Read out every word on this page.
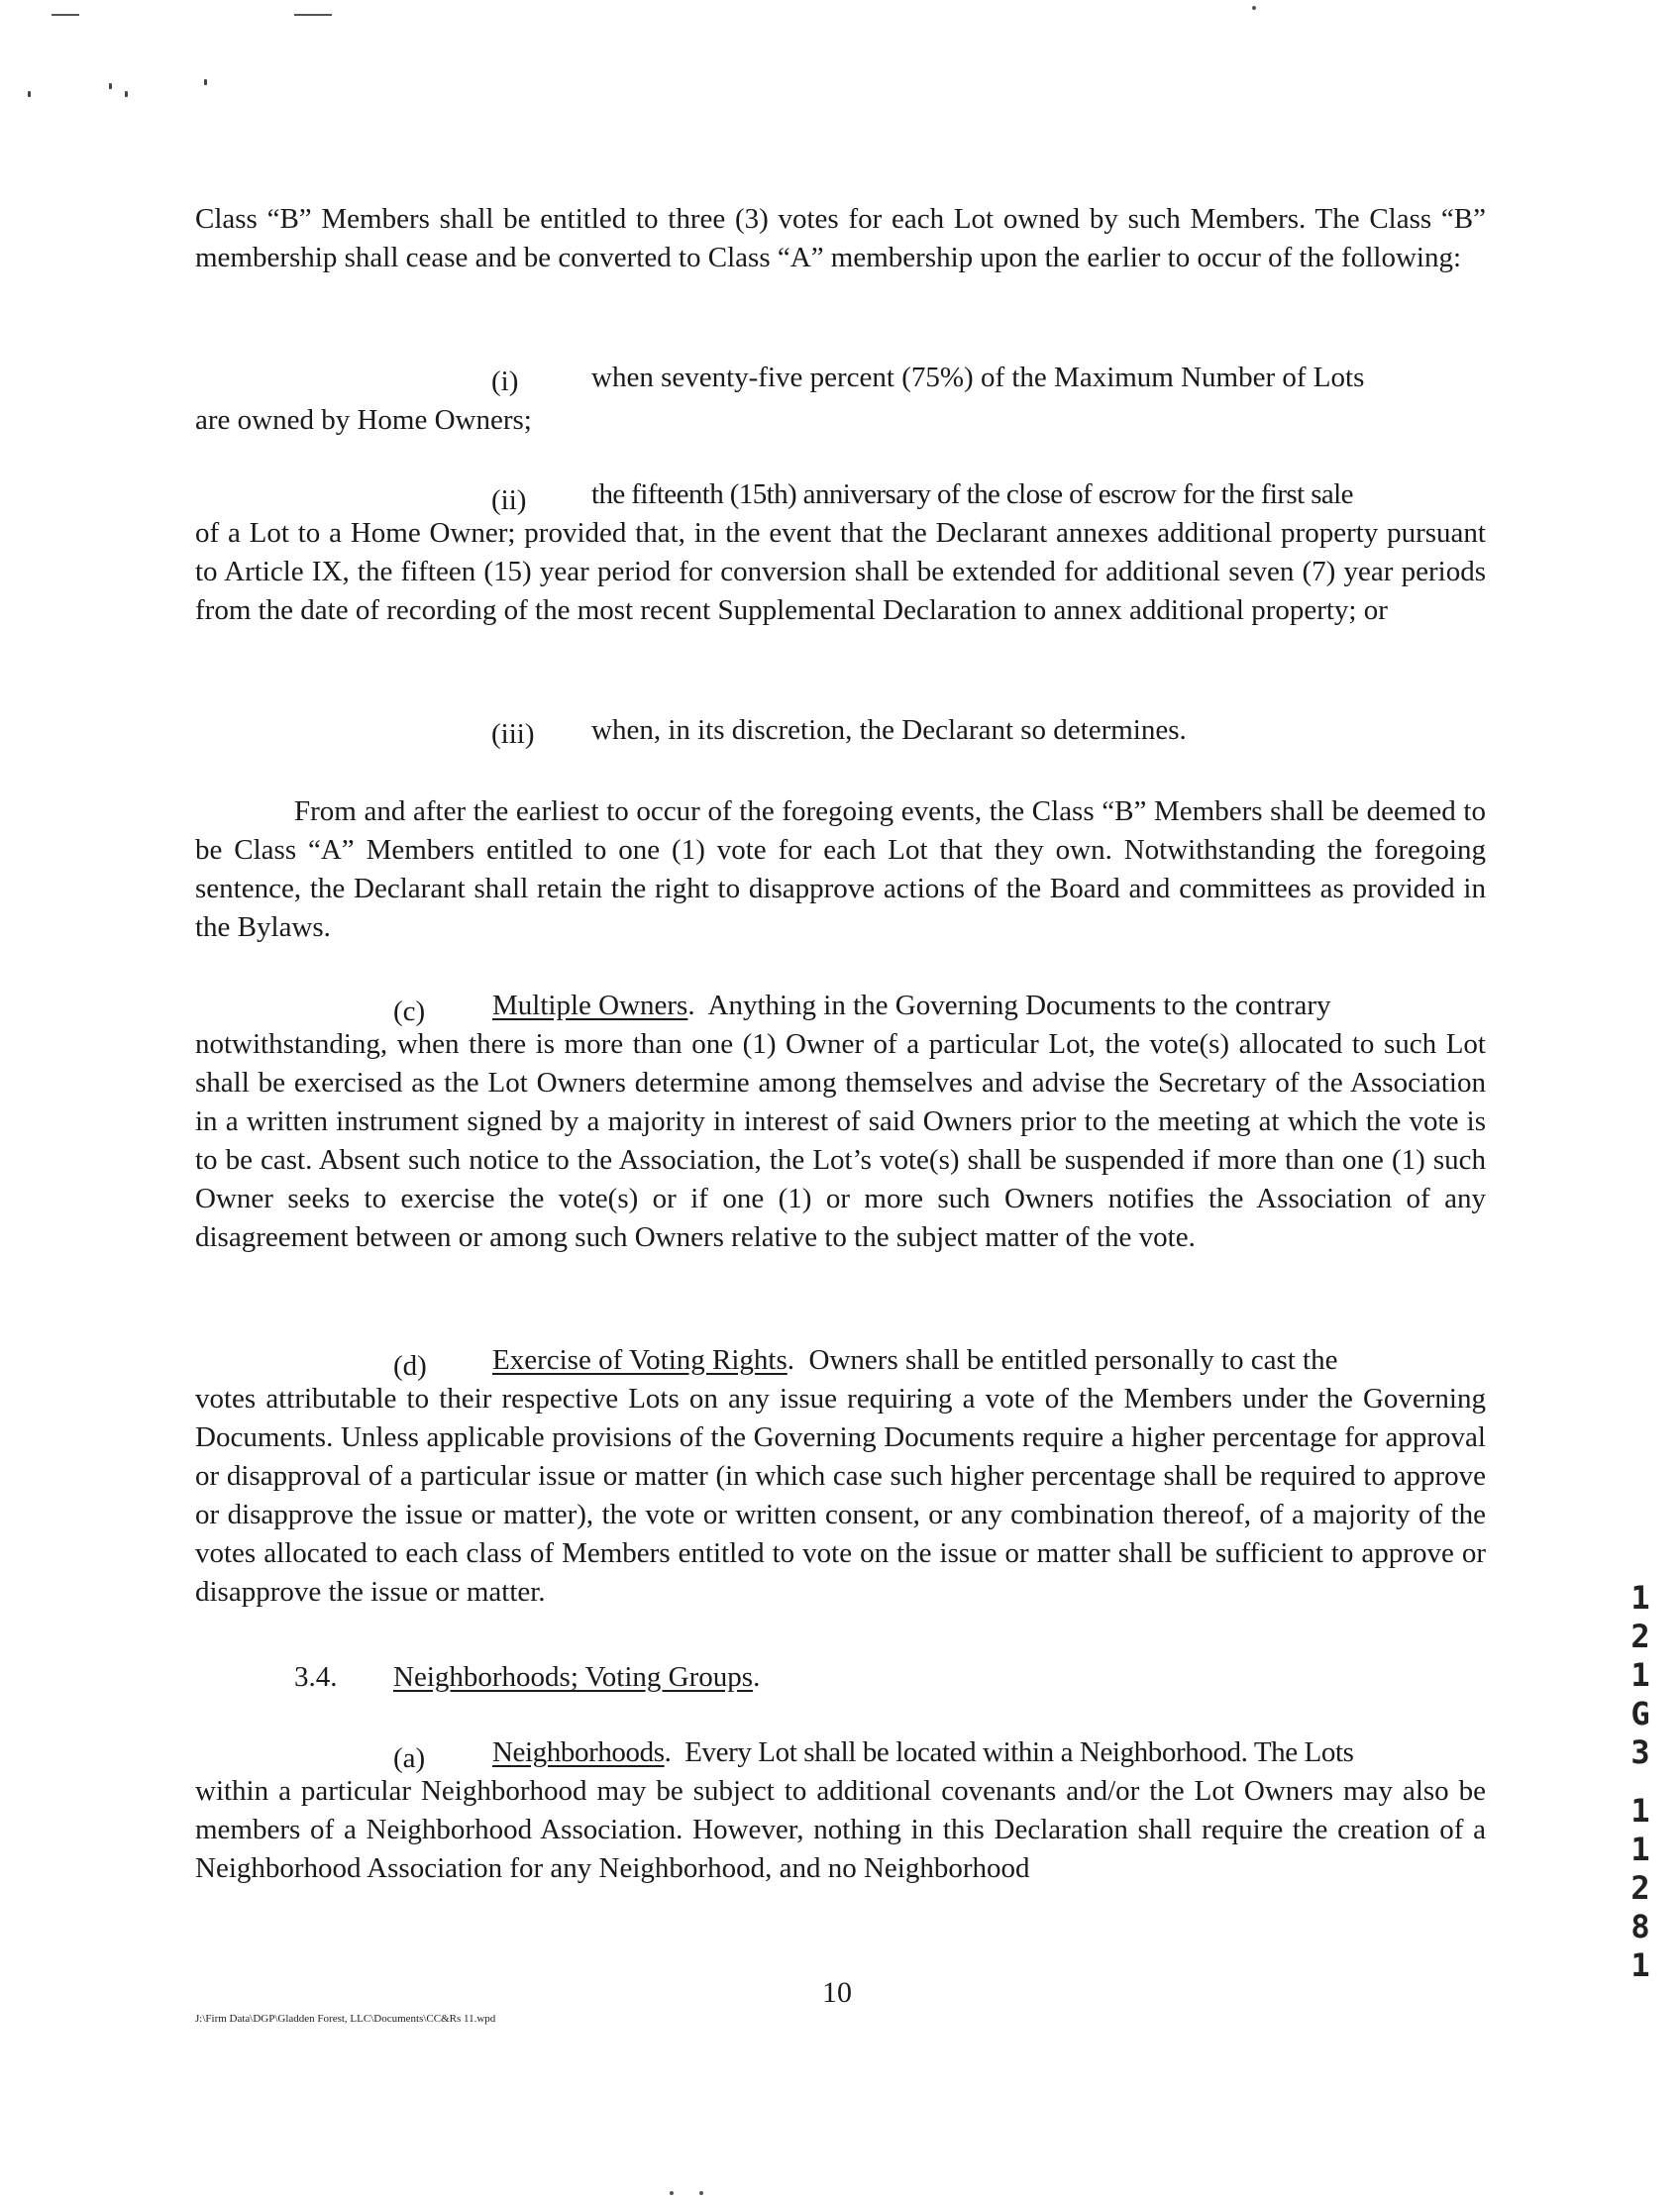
Class “B” Members shall be entitled to three (3) votes for each Lot owned by such Members. The Class “B” membership shall cease and be converted to Class “A” membership upon the earlier to occur of the following:
(i)	when seventy-five percent (75%) of the Maximum Number of Lots
are owned by Home Owners;
(ii) the fifteenth (15th) anniversary of the close of escrow for the first sale
of a Lot to a Home Owner; provided that, in the event that the Declarant annexes additional property pursuant to Article IX, the fifteen (15) year period for conversion shall be extended for additional seven (7) year periods from the date of recording of the most recent Supplemental Declaration to annex additional property; or
(iii) when, in its discretion, the Declarant so determines.
From and after the earliest to occur of the foregoing events, the Class “B” Members shall be deemed to be Class “A” Members entitled to one (1) vote for each Lot that they own. Notwithstanding the foregoing sentence, the Declarant shall retain the right to disapprove actions of the Board and committees as provided in the Bylaws.
(c) Multiple Owners.  Anything in the Governing Documents to the contrary
notwithstanding, when there is more than one (1) Owner of a particular Lot, the vote(s) allocated to such Lot shall be exercised as the Lot Owners determine among themselves and advise the Secretary of the Association in a written instrument signed by a majority in interest of said Owners prior to the meeting at which the vote is to be cast. Absent such notice to the Association, the Lot’s vote(s) shall be suspended if more than one (1) such Owner seeks to exercise the vote(s) or if one (1) or more such Owners notifies the Association of any disagreement between or among such Owners relative to the subject matter of the vote.
(d) Exercise of Voting Rights.  Owners shall be entitled personally to cast the
votes attributable to their respective Lots on any issue requiring a vote of the Members under the Governing Documents. Unless applicable provisions of the Governing Documents require a higher percentage for approval or disapproval of a particular issue or matter (in which case such higher percentage shall be required to approve or disapprove the issue or matter), the vote or written consent, or any combination thereof, of a majority of the votes allocated to each class of Members entitled to vote on the issue or matter shall be sufficient to approve or disapprove the issue or matter.
3.4. Neighborhoods; Voting Groups.
(a) Neighborhoods.  Every Lot shall be located within a Neighborhood. The Lots
within a particular Neighborhood may be subject to additional covenants and/or the Lot Owners may also be members of a Neighborhood Association. However, nothing in this Declaration shall require the creation of a Neighborhood Association for any Neighborhood, and no Neighborhood
1
2
1
G
3
1
1
2
8
1
10
J:\Firm Data\DGP\Gladden Forest, LLC\Documents\CC&Rs 11.wpd
